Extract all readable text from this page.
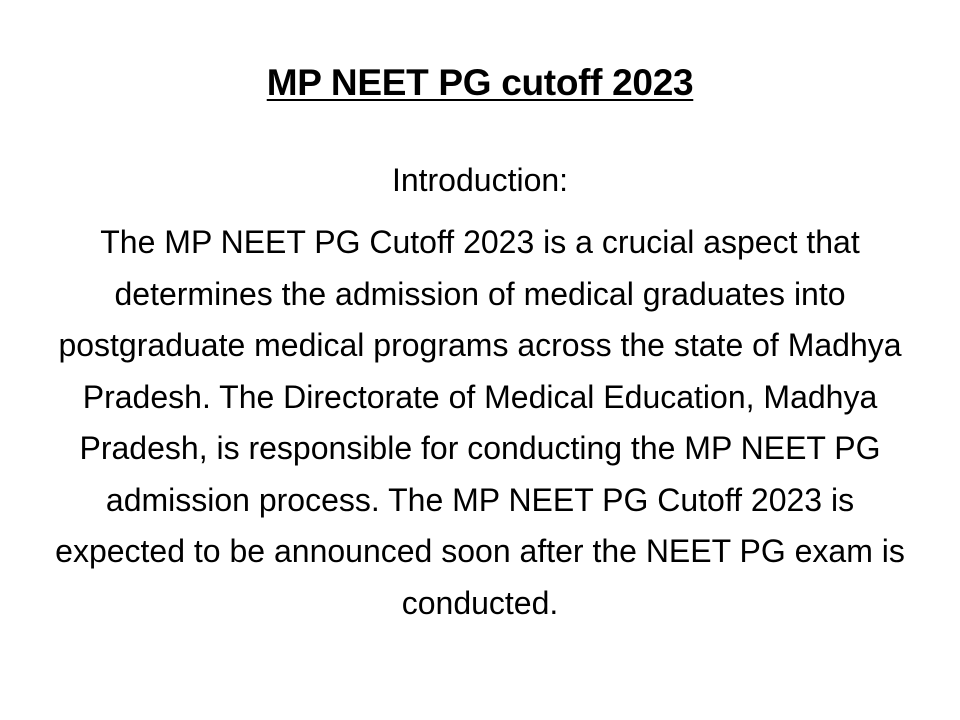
MP NEET PG cutoff 2023

Introduction:

The MP NEET PG Cutoff 2023 is a crucial aspect that determines the admission of medical graduates into postgraduate medical programs across the state of Madhya Pradesh. The Directorate of Medical Education, Madhya Pradesh, is responsible for conducting the MP NEET PG admission process. The MP NEET PG Cutoff 2023 is expected to be announced soon after the NEET PG exam is conducted.
